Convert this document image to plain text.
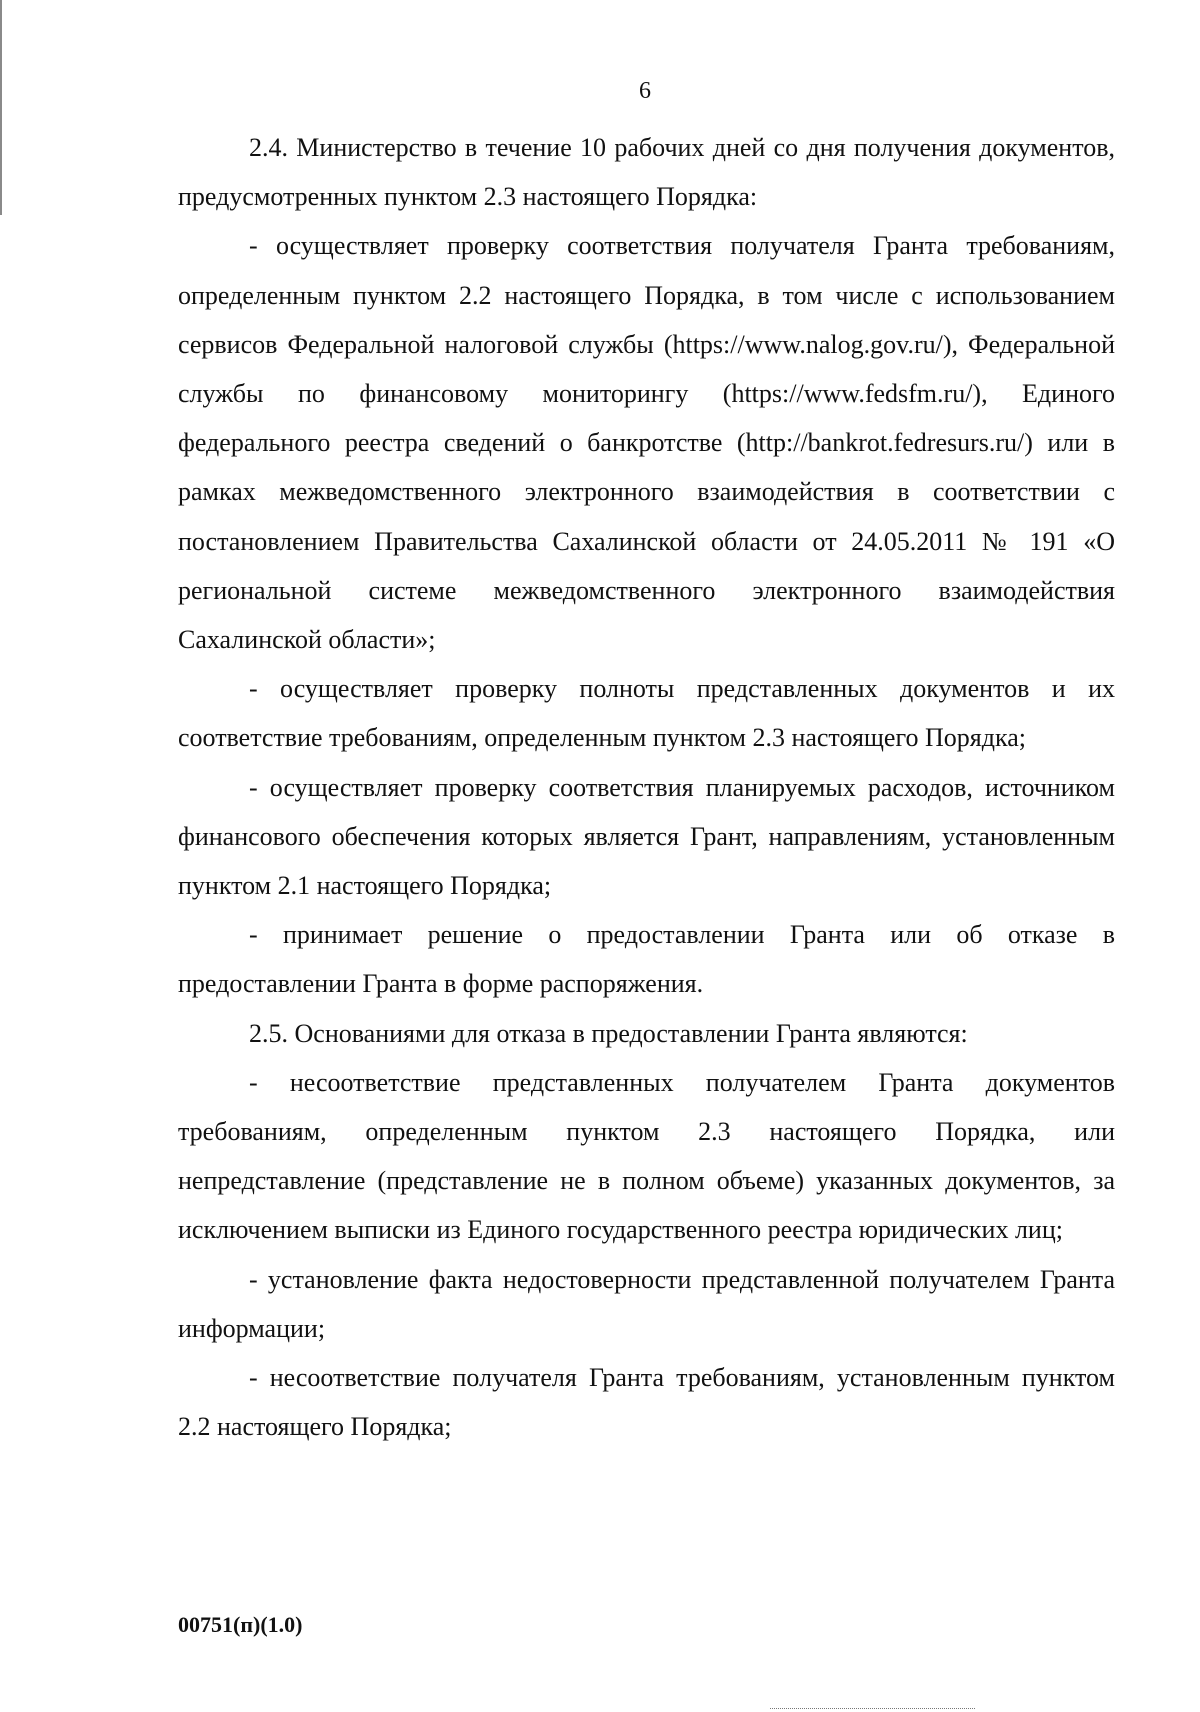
6

2.4. Министерство в течение 10 рабочих дней со дня получения документов, предусмотренных пунктом 2.3 настоящего Порядка:

- осуществляет проверку соответствия получателя Гранта требованиям, определенным пунктом 2.2 настоящего Порядка, в том числе с использованием сервисов Федеральной налоговой службы (https://www.nalog.gov.ru/), Федеральной службы по финансовому мониторингу (https://www.fedsfm.ru/), Единого федерального реестра сведений о банкротстве (http://bankrot.fedresurs.ru/) или в рамках межведомственного электронного взаимодействия в соответствии с постановлением Правительства Сахалинской области от 24.05.2011 № 191 «О региональной системе межведомственного электронного взаимодействия Сахалинской области»;

- осуществляет проверку полноты представленных документов и их соответствие требованиям, определенным пунктом 2.3 настоящего Порядка;

- осуществляет проверку соответствия планируемых расходов, источником финансового обеспечения которых является Грант, направлениям, установленным пунктом 2.1 настоящего Порядка;

- принимает решение о предоставлении Гранта или об отказе в предоставлении Гранта в форме распоряжения.

2.5. Основаниями для отказа в предоставлении Гранта являются:

- несоответствие представленных получателем Гранта документов требованиям, определенным пунктом 2.3 настоящего Порядка, или непредставление (представление не в полном объеме) указанных документов, за исключением выписки из Единого государственного реестра юридических лиц;

- установление факта недостоверности представленной получателем Гранта информации;

- несоответствие получателя Гранта требованиям, установленным пунктом 2.2 настоящего Порядка;

00751(п)(1.0)
